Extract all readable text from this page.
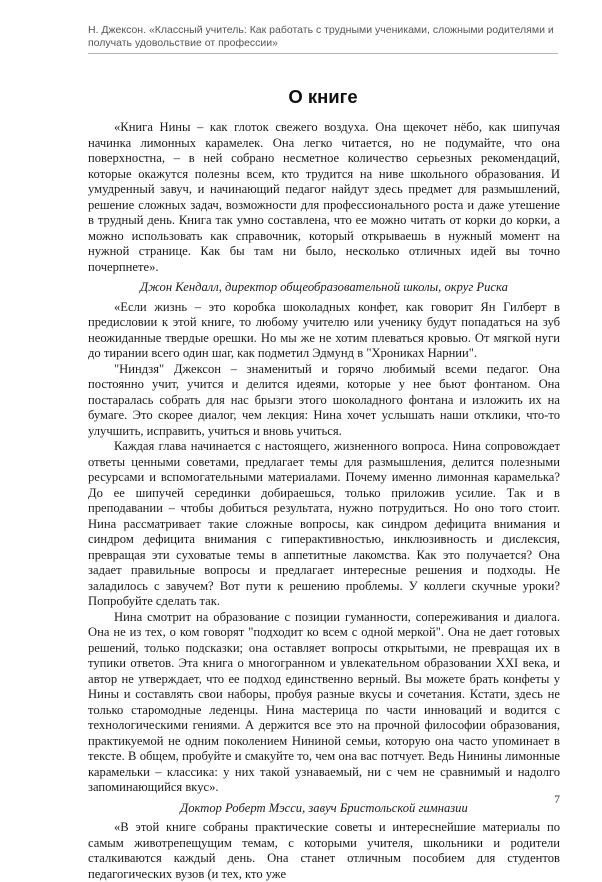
Н. Джексон. «Классный учитель: Как работать с трудными учениками, сложными родителями и получать удовольствие от профессии»
О книге

«Книга Нины – как глоток свежего воздуха. Она щекочет нёбо, как шипучая начинка лимонных карамелек. Она легко читается, но не подумайте, что она поверхностна, – в ней собрано несметное количество серьезных рекомендаций, которые окажутся полезны всем, кто трудится на ниве школьного образования. И умудренный завуч, и начинающий педагог найдут здесь предмет для размышлений, решение сложных задач, возможности для профессионального роста и даже утешение в трудный день. Книга так умно составлена, что ее можно читать от корки до корки, а можно использовать как справочник, который открываешь в нужный момент на нужной странице. Как бы там ни было, несколько отличных идей вы точно почерпнете».

Джон Кендалл, директор общеобразовательной школы, округ Риска

«Если жизнь – это коробка шоколадных конфет, как говорит Ян Гилберт в предисловии к этой книге, то любому учителю или ученику будут попадаться на зуб неожиданные твердые орешки. Но мы же не хотим плеваться кровью. От мягкой нуги до тирании всего один шаг, как подметил Эдмунд в "Хрониках Нарнии".

"Ниндзя" Джексон – знаменитый и горячо любимый всеми педагог. Она постоянно учит, учится и делится идеями, которые у нее бьют фонтаном. Она постаралась собрать для нас брызги этого шоколадного фонтана и изложить их на бумаге. Это скорее диалог, чем лекция: Нина хочет услышать наши отклики, что-то улучшить, исправить, учиться и вновь учиться.

Каждая глава начинается с настоящего, жизненного вопроса. Нина сопровождает ответы ценными советами, предлагает темы для размышления, делится полезными ресурсами и вспомогательными материалами. Почему именно лимонная карамелька? До ее шипучей серединки добираешься, только приложив усилие. Так и в преподавании – чтобы добиться результата, нужно потрудиться. Но оно того стоит. Нина рассматривает такие сложные вопросы, как синдром дефицита внимания и синдром дефицита внимания с гиперактивностью, инклюзивность и дислексия, превращая эти суховатые темы в аппетитные лакомства. Как это получается? Она задает правильные вопросы и предлагает интересные решения и подходы. Не заладилось с завучем? Вот пути к решению проблемы. У коллеги скучные уроки? Попробуйте сделать так.

Нина смотрит на образование с позиции гуманности, сопереживания и диалога. Она не из тех, о ком говорят "подходит ко всем с одной меркой". Она не дает готовых решений, только подсказки; она оставляет вопросы открытыми, не превращая их в тупики ответов. Эта книга о многогранном и увлекательном образовании XXI века, и автор не утверждает, что ее подход единственно верный. Вы можете брать конфеты у Нины и составлять свои наборы, пробуя разные вкусы и сочетания. Кстати, здесь не только старомодные леденцы. Нина мастерица по части инноваций и водится с технологическими гениями. А держится все это на прочной философии образования, практикуемой не одним поколением Нининой семьи, которую она часто упоминает в тексте. В общем, пробуйте и смакуйте то, чем она вас потчует. Ведь Нинины лимонные карамельки – классика: у них такой узнаваемый, ни с чем не сравнимый и надолго запоминающийся вкус».

Доктор Роберт Мэсси, завуч Бристольской гимназии

«В этой книге собраны практические советы и интереснейшие материалы по самым животрепещущим темам, с которыми учителя, школьники и родители сталкиваются каждый день. Она станет отличным пособием для студентов педагогических вузов (и тех, кто уже

7
